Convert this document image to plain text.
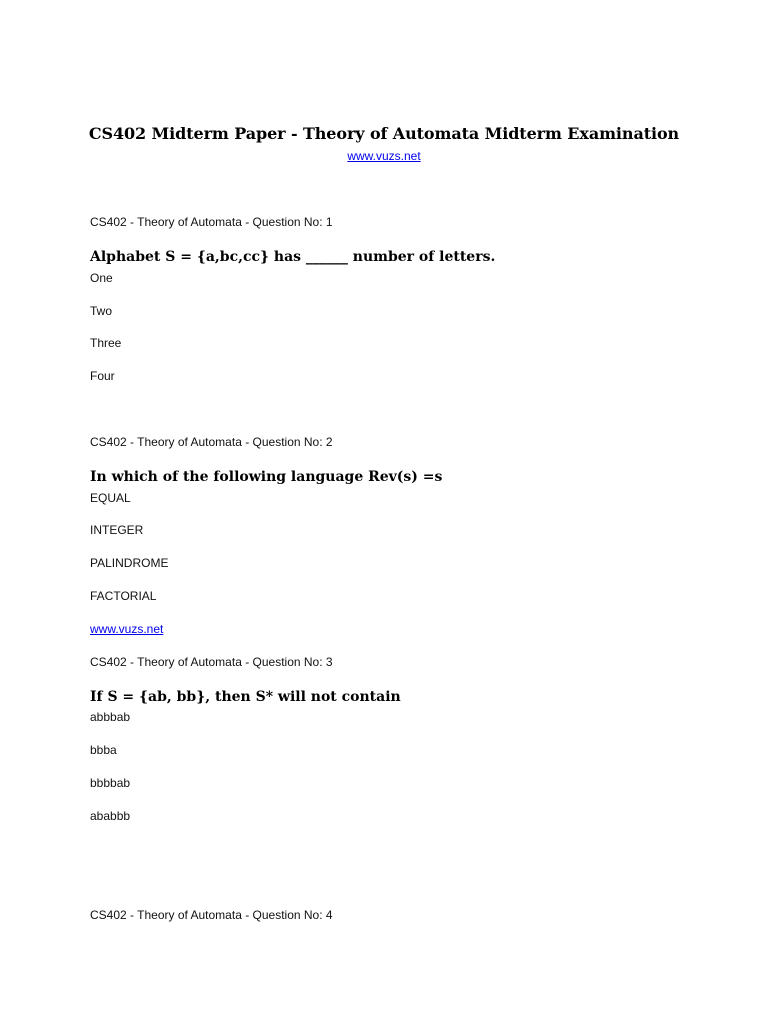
CS402 Midterm Paper - Theory of Automata Midterm Examination
www.vuzs.net
CS402 - Theory of Automata - Question No: 1
Alphabet S = {a,bc,cc} has ______ number of letters.
One
Two
Three
Four
CS402 - Theory of Automata - Question No: 2
In which of the following language Rev(s) =s
EQUAL
INTEGER
PALINDROME
FACTORIAL
www.vuzs.net
CS402 - Theory of Automata - Question No: 3
If S = {ab, bb}, then S* will not contain
abbbab
bbba
bbbbab
ababbb
CS402 - Theory of Automata - Question No: 4
